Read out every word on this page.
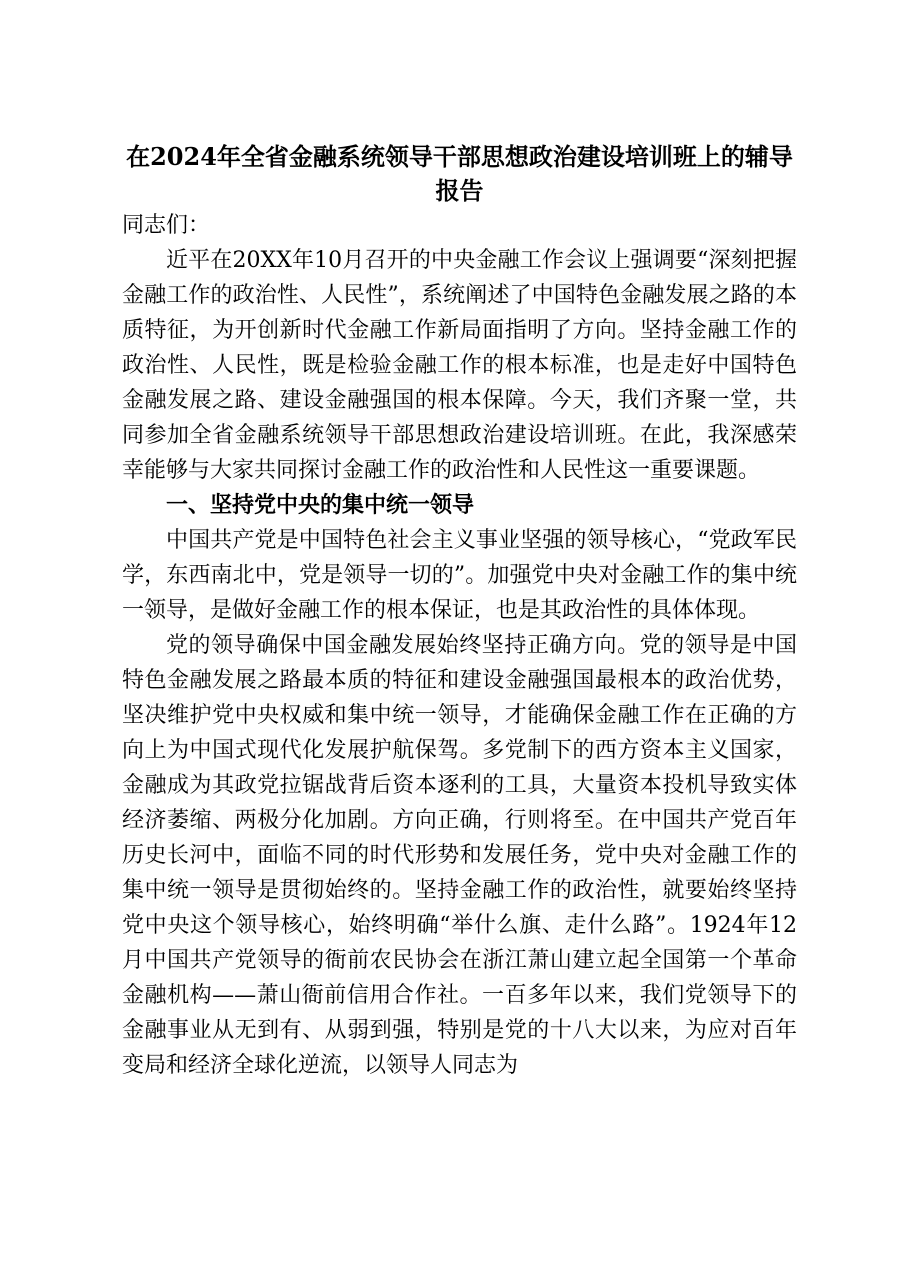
在2024年全省金融系统领导干部思想政治建设培训班上的辅导报告

同志们：

近平在20XX年10月召开的中央金融工作会议上强调要“深刻把握金融工作的政治性、人民性”，系统阐述了中国特色金融发展之路的本质特征，为开创新时代金融工作新局面指明了方向。坚持金融工作的政治性、人民性，既是检验金融工作的根本标准，也是走好中国特色金融发展之路、建设金融强国的根本保障。今天，我们齐聚一堂，共同参加全省金融系统领导干部思想政治建设培训班。在此，我深感荣幸能够与大家共同探讨金融工作的政治性和人民性这一重要课题。

一、坚持党中央的集中统一领导

中国共产党是中国特色社会主义事业坚强的领导核心，“党政军民学，东西南北中，党是领导一切的”。加强党中央对金融工作的集中统一领导，是做好金融工作的根本保证，也是其政治性的具体体现。

党的领导确保中国金融发展始终坚持正确方向。党的领导是中国特色金融发展之路最本质的特征和建设金融强国最根本的政治优势，坚决维护党中央权威和集中统一领导，才能确保金融工作在正确的方向上为中国式现代化发展护航保驾。多党制下的西方资本主义国家，金融成为其政党拉锯战背后资本逐利的工具，大量资本投机导致实体经济萎缩、两极分化加剧。方向正确，行则将至。在中国共产党百年历史长河中，面临不同的时代形势和发展任务，党中央对金融工作的集中统一领导是贯彻始终的。坚持金融工作的政治性，就要始终坚持党中央这个领导核心，始终明确“举什么旗、走什么路”。1924年12月中国共产党领导的衙前农民协会在浙江萧山建立起全国第一个革命金融机构——萧山衙前信用合作社。一百多年以来，我们党领导下的金融事业从无到有、从弱到强，特别是党的十八大以来，为应对百年变局和经济全球化逆流，以领导人同志为
